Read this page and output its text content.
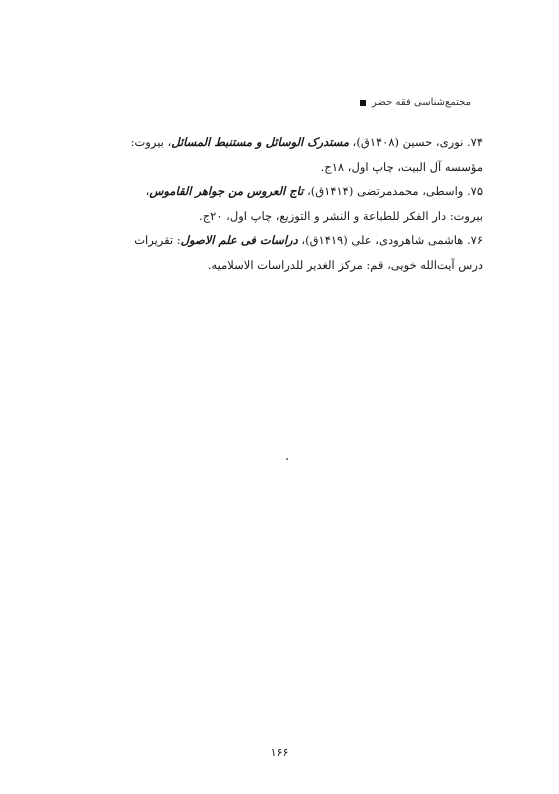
مجتمع‌شناسی فقه حضر

۷۴. نوری، حسین (۱۴۰۸ق)، مستدرک الوسائل و مستنبط المسائل، بیروت:
مؤسسه آل البیت، چاپ اول، ۱۸ج.

۷۵. واسطی، محمدمرتضی (۱۴۱۴ق)، تاج العروس من جواهر القاموس،
بیروت: دار الفکر للطباعة و النشر و التوزیع، چاپ اول، ۲۰ج.

۷۶. هاشمی شاهرودی، علی (۱۴۱۹ق)، دراسات فی علم الاصول: تقریرات
درس آیت‌الله خویی، قم: مرکز الغدیر للدراسات الاسلامیه.

۱۶۶
